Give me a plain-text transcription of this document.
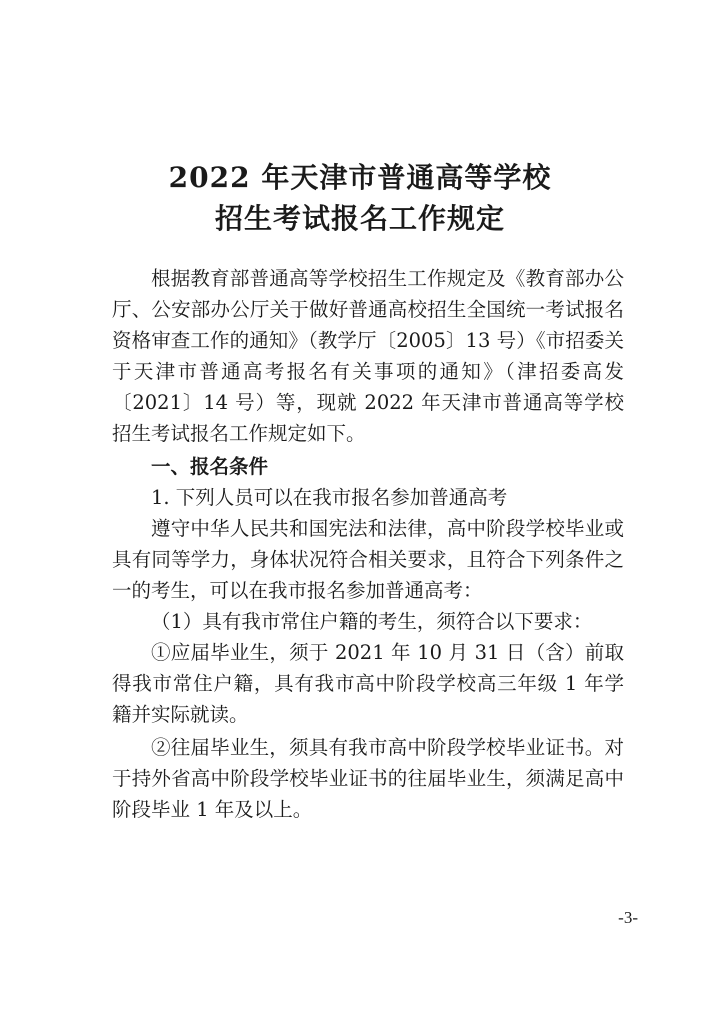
2022 年天津市普通高等学校
招生考试报名工作规定

根据教育部普通高等学校招生工作规定及《教育部办公厅、公安部办公厅关于做好普通高校招生全国统一考试报名资格审查工作的通知》（教学厅〔2005〕13 号）《市招委关于天津市普通高考报名有关事项的通知》（津招委高发〔2021〕14 号）等，现就 2022 年天津市普通高等学校招生考试报名工作规定如下。

一、报名条件

1. 下列人员可以在我市报名参加普通高考

遵守中华人民共和国宪法和法律，高中阶段学校毕业或具有同等学力，身体状况符合相关要求，且符合下列条件之一的考生，可以在我市报名参加普通高考：

（1）具有我市常住户籍的考生，须符合以下要求：

①应届毕业生，须于 2021 年 10 月 31 日（含）前取得我市常住户籍，具有我市高中阶段学校高三年级 1 年学籍并实际就读。

②往届毕业生，须具有我市高中阶段学校毕业证书。对于持外省高中阶段学校毕业证书的往届毕业生，须满足高中阶段毕业 1 年及以上。

-3-
